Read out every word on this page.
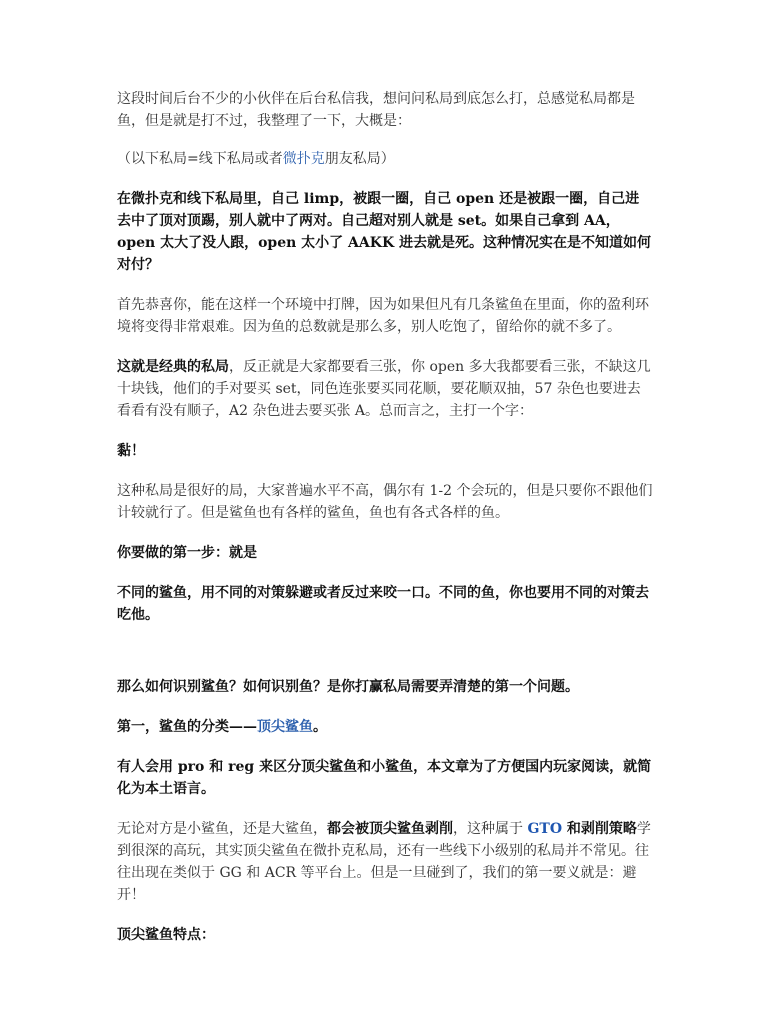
这段时间后台不少的小伙伴在后台私信我，想问问私局到底怎么打，总感觉私局都是鱼，但是就是打不过，我整理了一下，大概是：

（以下私局=线下私局或者微扑克朋友私局）

在微扑克和线下私局里，自己 limp，被跟一圈，自己 open 还是被跟一圈，自己进去中了顶对顶踢，别人就中了两对。自己超对别人就是 set。如果自己拿到 AA，open 太大了没人跟，open 太小了 AAKK 进去就是死。这种情况实在是不知道如何对付？

首先恭喜你，能在这样一个环境中打牌，因为如果但凡有几条鲨鱼在里面，你的盈利环境将变得非常艰难。因为鱼的总数就是那么多，别人吃饱了，留给你的就不多了。

这就是经典的私局，反正就是大家都要看三张，你 open 多大我都要看三张，不缺这几十块钱，他们的手对要买 set，同色连张要买同花顺，要花顺双抽，57 杂色也要进去看看有没有顺子，A2 杂色进去要买张 A。总而言之，主打一个字：

黏！

这种私局是很好的局，大家普遍水平不高，偶尔有 1-2 个会玩的，但是只要你不跟他们计较就行了。但是鲨鱼也有各样的鲨鱼，鱼也有各式各样的鱼。

你要做的第一步：就是

不同的鲨鱼，用不同的对策躲避或者反过来咬一口。不同的鱼，你也要用不同的对策去吃他。

那么如何识别鲨鱼？如何识别鱼？是你打赢私局需要弄清楚的第一个问题。

第一，鲨鱼的分类——顶尖鲨鱼。

有人会用 pro 和 reg 来区分顶尖鲨鱼和小鲨鱼，本文章为了方便国内玩家阅读，就简化为本土语言。

无论对方是小鲨鱼，还是大鲨鱼，都会被顶尖鲨鱼剥削，这种属于 GTO 和剥削策略学到很深的高玩，其实顶尖鲨鱼在微扑克私局，还有一些线下小级别的私局并不常见。往往出现在类似于 GG 和 ACR 等平台上。但是一旦碰到了，我们的第一要义就是：避开！

顶尖鲨鱼特点：
